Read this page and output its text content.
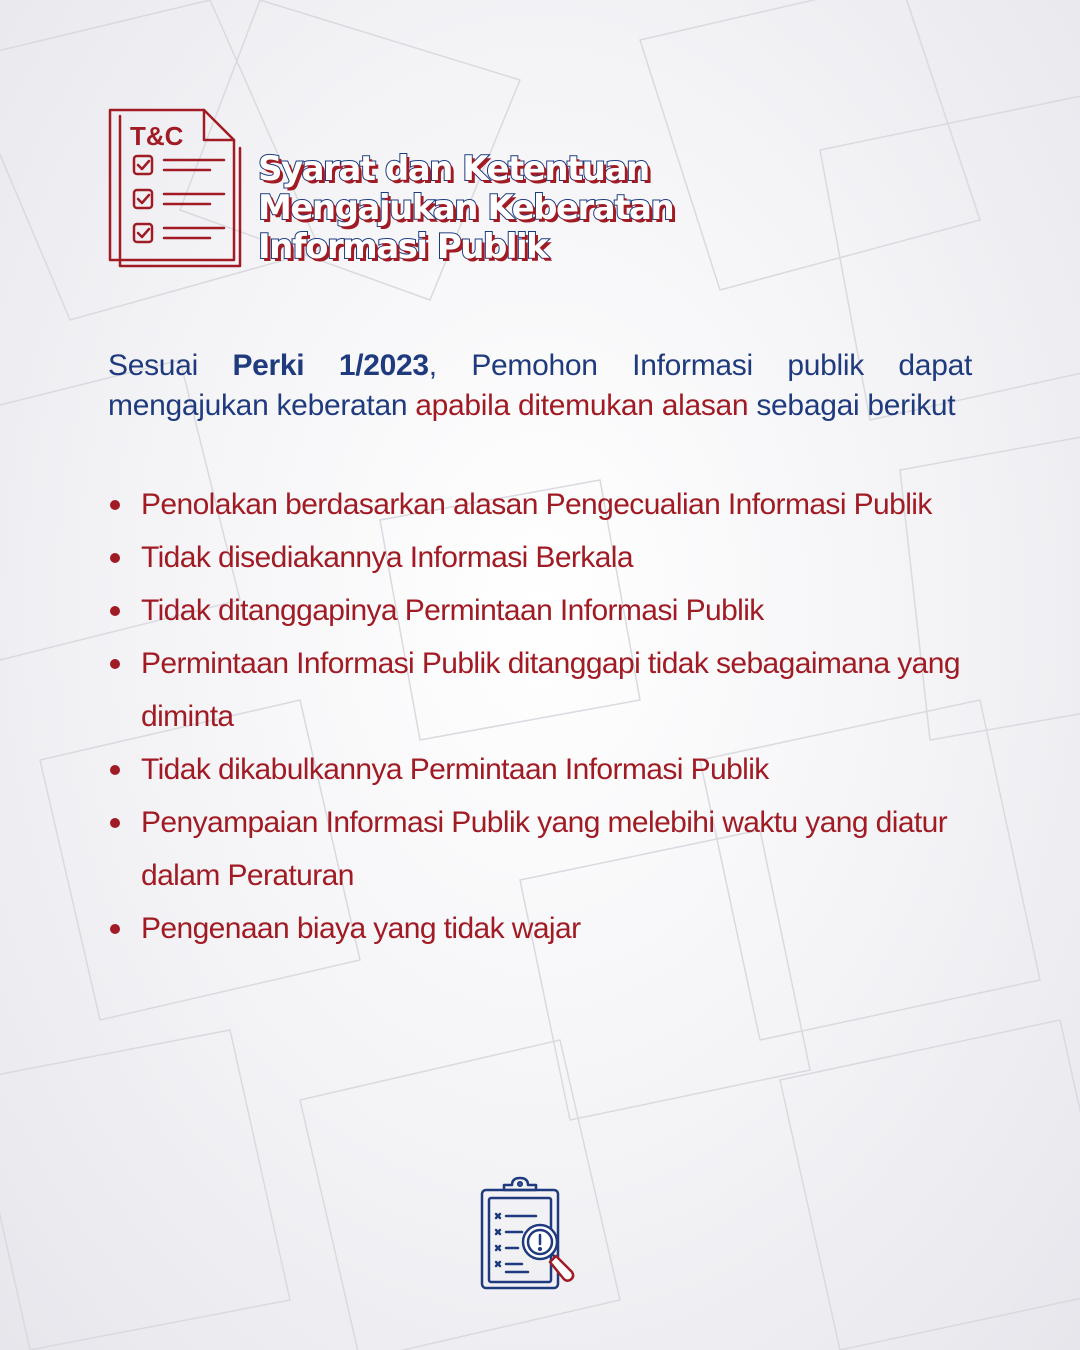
T&C
Syarat dan Ketentuan
Mengajukan Keberatan
Informasi Publik

Sesuai Perki 1/2023, Pemohon Informasi publik dapat mengajukan keberatan apabila ditemukan alasan sebagai berikut

Penolakan berdasarkan alasan Pengecualian Informasi Publik
Tidak disediakannya Informasi Berkala
Tidak ditanggapinya Permintaan Informasi Publik
Permintaan Informasi Publik ditanggapi tidak sebagaimana yang diminta
Tidak dikabulkannya Permintaan Informasi Publik
Penyampaian Informasi Publik yang melebihi waktu yang diatur dalam Peraturan
Pengenaan biaya yang tidak wajar
